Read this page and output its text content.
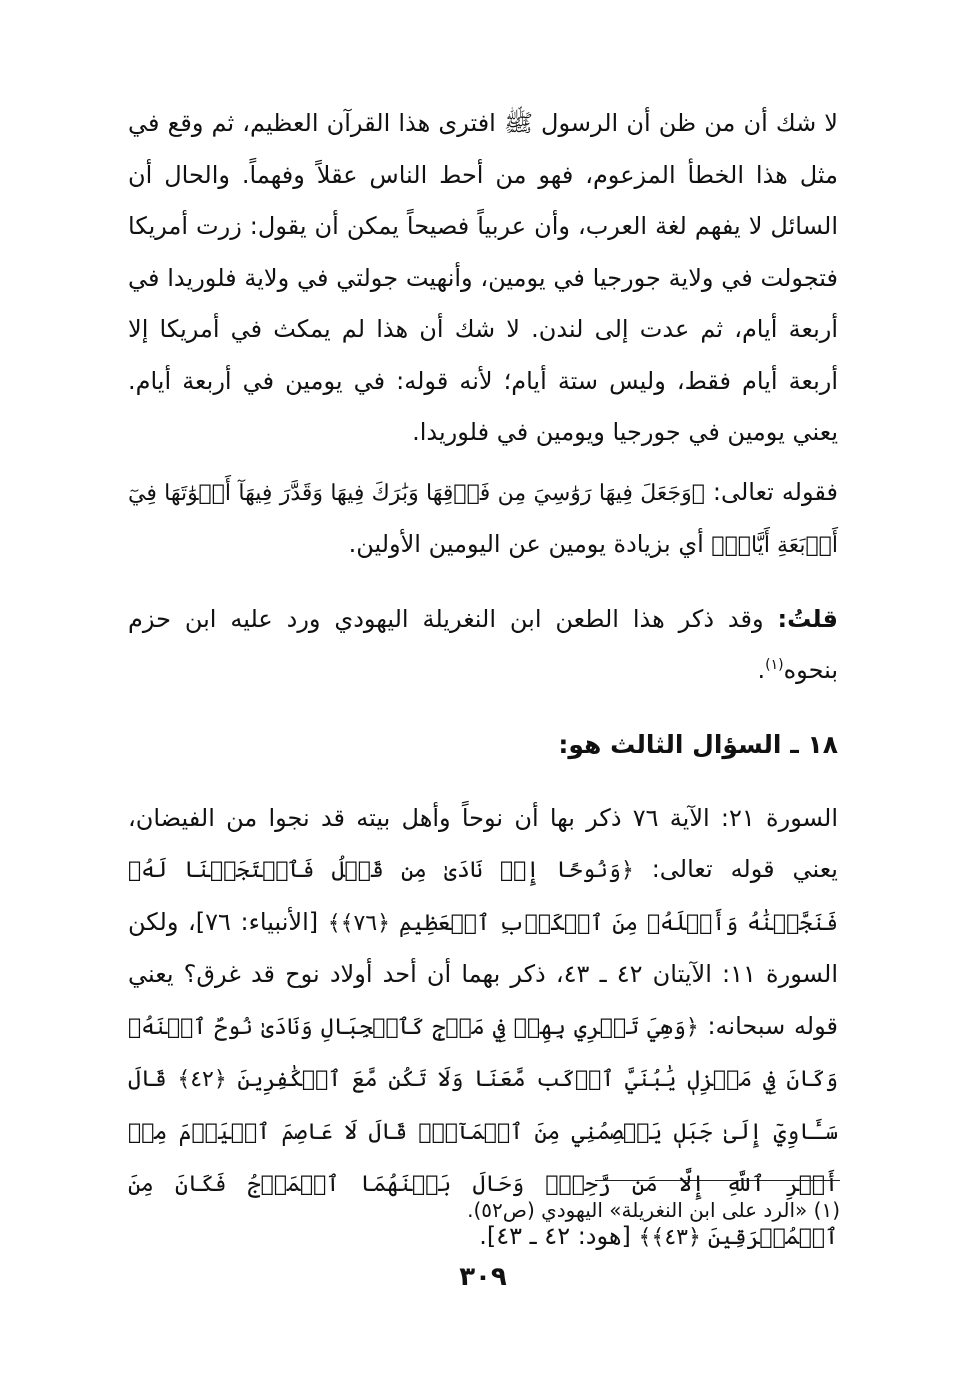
لا شك أن من ظن أن الرسول ﷺ افترى هذا القرآن العظيم، ثم وقع في مثل هذا الخطأ المزعوم، فهو من أحط الناس عقلاً وفهماً. والحال أن السائل لا يفهم لغة العرب، وأن عربياً فصيحاً يمكن أن يقول: زرت أمريكا فتجولت في ولاية جورجيا في يومين، وأنهيت جولتي في ولاية فلوريدا في أربعة أيام، ثم عدت إلى لندن. لا شك أن هذا لم يمكث في أمريكا إلا أربعة أيام فقط، وليس ستة أيام؛ لأنه قوله: في يومين في أربعة أيام. يعني يومين في جورجيا ويومين في فلوريدا.

فقوله تعالى: ﴿وَجَعَلَ فِيهَا رَوَٰسِيَ مِن فَوۡقِهَا وَبَٰرَكَ فِيهَا وَقَدَّرَ فِيهَآ أَقۡوَٰتَهَا فِيٓ أَرۡبَعَةِ أَيَّامٖ﴾ أي بزيادة يومين عن اليومين الأولين.

قلتُ: وقد ذكر هذا الطعن ابن النغريلة اليهودي ورد عليه ابن حزم بنحوه$^{(١)}$.

١٨ ـ السؤال الثالث هو:

السورة ٢١: الآية ٧٦ ذكر بها أن نوحاً وأهل بيته قد نجوا من الفيضان، يعني قوله تعالى: ﴿وَنُوحًا إِذۡ نَادَىٰ مِن قَبۡلُ فَٱسۡتَجَبۡنَا لَهُۥ فَنَجَّيۡنَٰهُ وَأَهۡلَهُۥ مِنَ ٱلۡكَرۡبِ ٱلۡعَظِيمِ ﴿٧٦﴾﴾ [الأنبياء: ٧٦]، ولكن السورة ١١: الآيتان ٤٢ ـ ٤٣، ذكر بهما أن أحد أولاد نوح قد غرق؟ يعني قوله سبحانه: ﴿وَهِيَ تَجۡرِي بِهِمۡ فِي مَوۡجٖ كَٱلۡجِبَالِ وَنَادَىٰ نُوحٌ ٱبۡنَهُۥ وَكَانَ فِي مَعۡزِلٖ يَٰبُنَيَّ ٱرۡكَب مَّعَنَا وَلَا تَكُن مَّعَ ٱلۡكَٰفِرِينَ ﴿٤٢﴾ قَالَ سَـَٔاوِيٓ إِلَىٰ جَبَلٖ يَعۡصِمُنِي مِنَ ٱلۡمَآءِۚ قَالَ لَا عَاصِمَ ٱلۡيَوۡمَ مِنۡ أَمۡرِ ٱللَّهِ إِلَّا مَن رَّحِمَۚ وَحَالَ بَيۡنَهُمَا ٱلۡمَوۡجُ فَكَانَ مِنَ ٱلۡمُغۡرَقِينَ ﴿٤٣﴾﴾ [هود: ٤٢ ـ ٤٣].

(١) «الرد على ابن النغريلة» اليهودي (ص٥٢).
٣٠٩
